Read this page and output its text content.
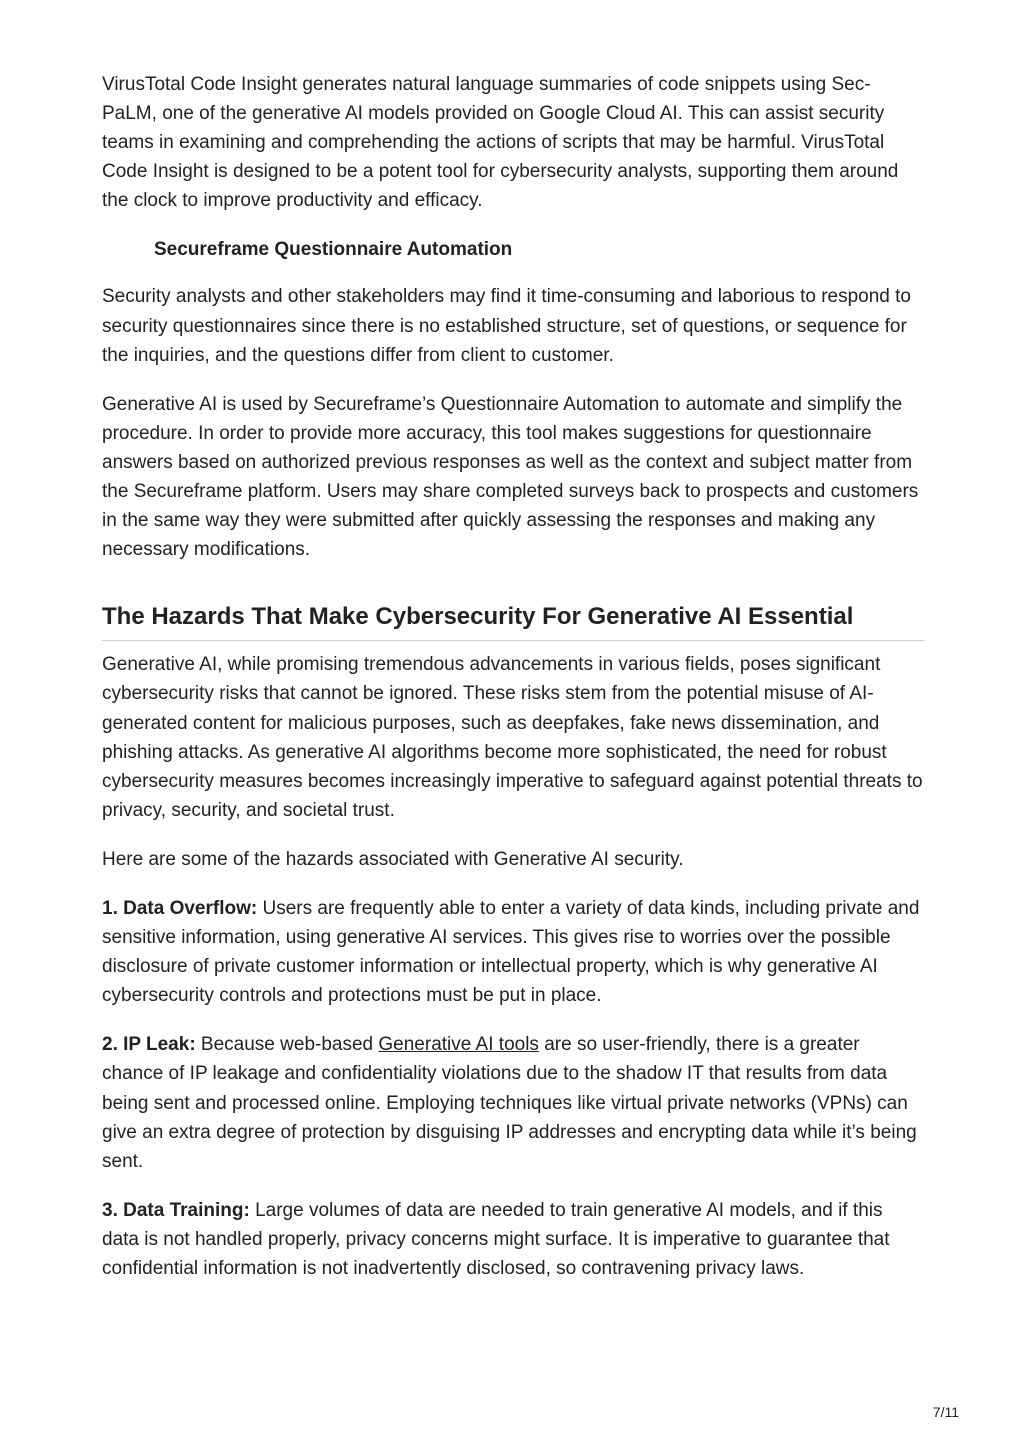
VirusTotal Code Insight generates natural language summaries of code snippets using Sec-PaLM, one of the generative AI models provided on Google Cloud AI. This can assist security teams in examining and comprehending the actions of scripts that may be harmful. VirusTotal Code Insight is designed to be a potent tool for cybersecurity analysts, supporting them around the clock to improve productivity and efficacy.

Secureframe Questionnaire Automation

Security analysts and other stakeholders may find it time-consuming and laborious to respond to security questionnaires since there is no established structure, set of questions, or sequence for the inquiries, and the questions differ from client to customer.

Generative AI is used by Secureframe’s Questionnaire Automation to automate and simplify the procedure. In order to provide more accuracy, this tool makes suggestions for questionnaire answers based on authorized previous responses as well as the context and subject matter from the Secureframe platform. Users may share completed surveys back to prospects and customers in the same way they were submitted after quickly assessing the responses and making any necessary modifications.

The Hazards That Make Cybersecurity For Generative AI Essential

Generative AI, while promising tremendous advancements in various fields, poses significant cybersecurity risks that cannot be ignored. These risks stem from the potential misuse of AI-generated content for malicious purposes, such as deepfakes, fake news dissemination, and phishing attacks. As generative AI algorithms become more sophisticated, the need for robust cybersecurity measures becomes increasingly imperative to safeguard against potential threats to privacy, security, and societal trust.

Here are some of the hazards associated with Generative AI security.

1. Data Overflow: Users are frequently able to enter a variety of data kinds, including private and sensitive information, using generative AI services. This gives rise to worries over the possible disclosure of private customer information or intellectual property, which is why generative AI cybersecurity controls and protections must be put in place.

2. IP Leak: Because web-based Generative AI tools are so user-friendly, there is a greater chance of IP leakage and confidentiality violations due to the shadow IT that results from data being sent and processed online. Employing techniques like virtual private networks (VPNs) can give an extra degree of protection by disguising IP addresses and encrypting data while it’s being sent.

3. Data Training: Large volumes of data are needed to train generative AI models, and if this data is not handled properly, privacy concerns might surface. It is imperative to guarantee that confidential information is not inadvertently disclosed, so contravening privacy laws.

7/11
